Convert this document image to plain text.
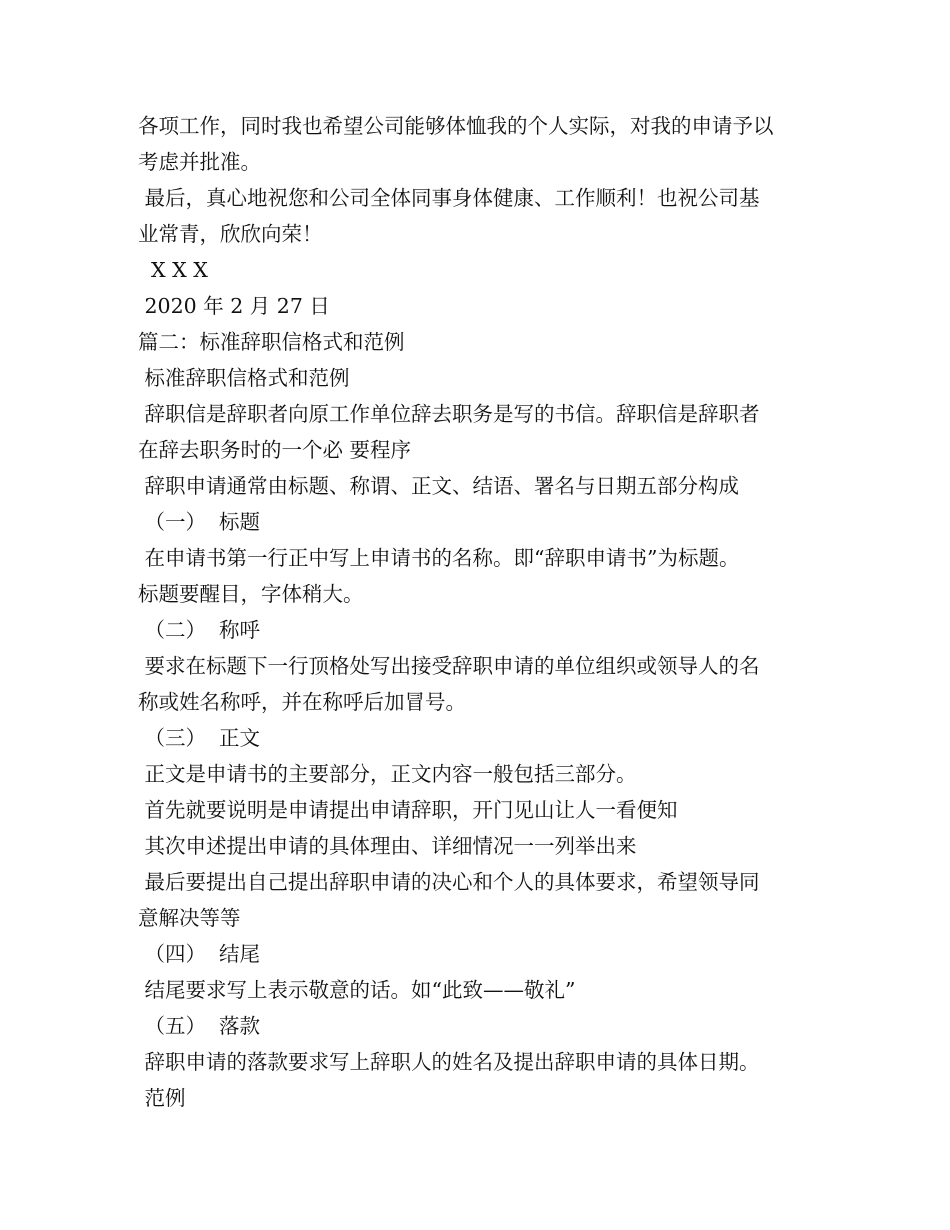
各项工作，同时我也希望公司能够体恤我的个人实际，对我的申请予以

考虑并批准。

最后，真心地祝您和公司全体同事身体健康、工作顺利！也祝公司基

业常青，欣欣向荣！

X X X

2020 年 2 月 27 日

篇二：标准辞职信格式和范例

标准辞职信格式和范例

辞职信是辞职者向原工作单位辞去职务是写的书信。辞职信是辞职者

在辞去职务时的一个必 要程序

辞职申请通常由标题、称谓、正文、结语、署名与日期五部分构成

（一）  标题

在申请书第一行正中写上申请书的名称。即“辞职申请书”为标题。

标题要醒目，字体稍大。

（二）  称呼

要求在标题下一行顶格处写出接受辞职申请的单位组织或领导人的名

称或姓名称呼，并在称呼后加冒号。

（三）  正文

正文是申请书的主要部分，正文内容一般包括三部分。

首先就要说明是申请提出申请辞职，开门见山让人一看便知

其次申述提出申请的具体理由、详细情况一一列举出来

最后要提出自己提出辞职申请的决心和个人的具体要求，希望领导同

意解决等等

（四）  结尾

结尾要求写上表示敬意的话。如“此致——敬礼”

（五）  落款

辞职申请的落款要求写上辞职人的姓名及提出辞职申请的具体日期。

范例
